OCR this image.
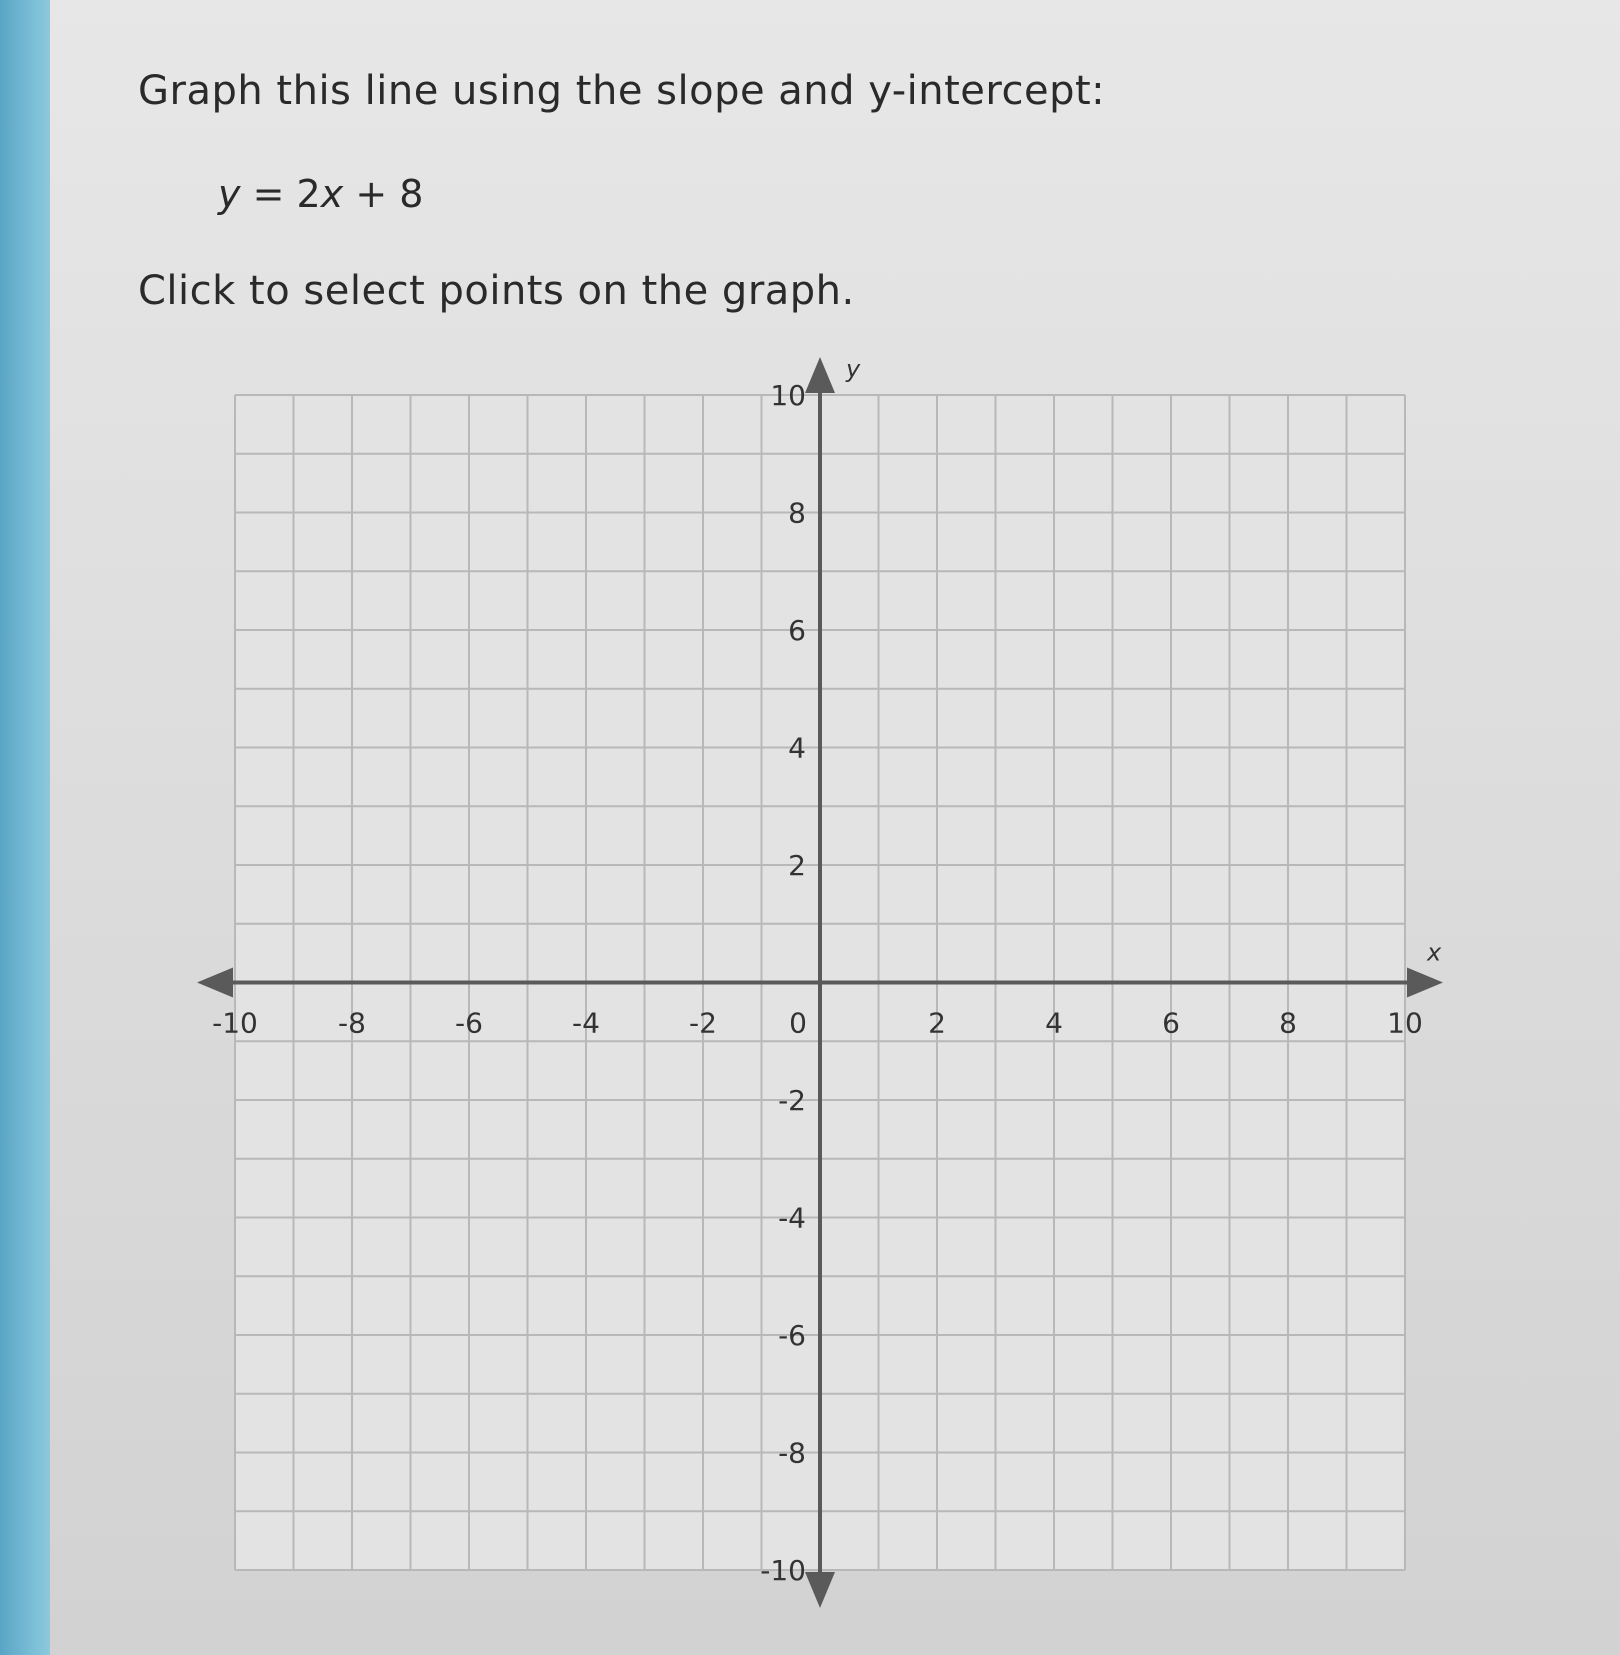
Graph this line using the slope and y-intercept:

y = 2x + 8

Click to select points on the graph.

-10	-8	-6	-4	-2	0	2	4	6	8	10
10
8
6
4
2
-2
-4
-6
-8
-10
x
y
